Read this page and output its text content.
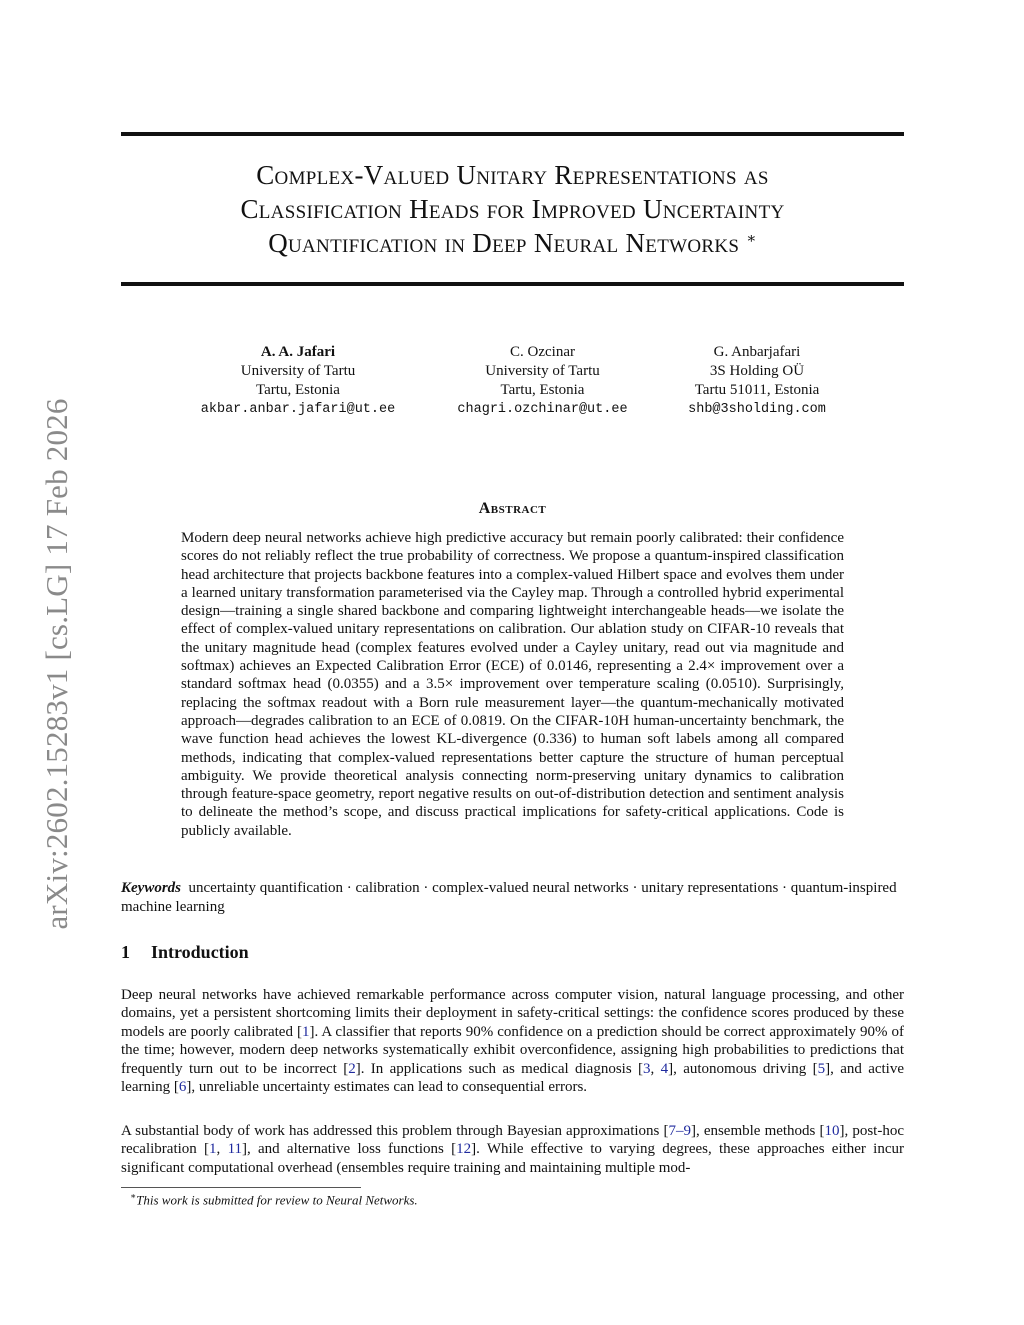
arXiv:2602.15283v1 [cs.LG] 17 Feb 2026
Complex-Valued Unitary Representations as
Classification Heads for Improved Uncertainty
Quantification in Deep Neural Networks ∗
A. A. Jafari
University of Tartu
Tartu, Estonia
akbar.anbar.jafari@ut.ee
C. Ozcinar
University of Tartu
Tartu, Estonia
chagri.ozchinar@ut.ee
G. Anbarjafari
3S Holding OÜ
Tartu 51011, Estonia
shb@3sholding.com
Abstract
Modern deep neural networks achieve high predictive accuracy but remain poorly calibrated: their confidence scores do not reliably reflect the true probability of correctness. We propose a quantum-inspired classification head architecture that projects backbone features into a complex-valued Hilbert space and evolves them under a learned unitary transformation parameterised via the Cayley map. Through a controlled hybrid experimental design—training a single shared backbone and comparing lightweight interchangeable heads—we isolate the effect of complex-valued unitary representations on calibration. Our ablation study on CIFAR-10 reveals that the unitary magnitude head (complex features evolved under a Cayley unitary, read out via magnitude and softmax) achieves an Expected Calibration Error (ECE) of 0.0146, representing a 2.4× improvement over a standard softmax head (0.0355) and a 3.5× improvement over temperature scaling (0.0510). Surprisingly, replacing the softmax readout with a Born rule measurement layer—the quantum-mechanically motivated approach—degrades calibration to an ECE of 0.0819. On the CIFAR-10H human-uncertainty benchmark, the wave function head achieves the lowest KL-divergence (0.336) to human soft labels among all compared methods, indicating that complex-valued representations better capture the structure of human perceptual ambiguity. We provide theoretical analysis connecting norm-preserving unitary dynamics to calibration through feature-space geometry, report negative results on out-of-distribution detection and sentiment analysis to delineate the method’s scope, and discuss practical implications for safety-critical applications. Code is publicly available.
Keywords uncertainty quantification · calibration · complex-valued neural networks · unitary representations · quantum-inspired machine learning
1 Introduction
Deep neural networks have achieved remarkable performance across computer vision, natural language processing, and other domains, yet a persistent shortcoming limits their deployment in safety-critical settings: the confidence scores produced by these models are poorly calibrated [1]. A classifier that reports 90% confidence on a prediction should be correct approximately 90% of the time; however, modern deep networks systematically exhibit overconfidence, assigning high probabilities to predictions that frequently turn out to be incorrect [2]. In applications such as medical diagnosis [3, 4], autonomous driving [5], and active learning [6], unreliable uncertainty estimates can lead to consequential errors.
A substantial body of work has addressed this problem through Bayesian approximations [7–9], ensemble methods [10], post-hoc recalibration [1, 11], and alternative loss functions [12]. While effective to varying degrees, these approaches either incur significant computational overhead (ensembles require training and maintaining multiple mod-
∗This work is submitted for review to Neural Networks.
